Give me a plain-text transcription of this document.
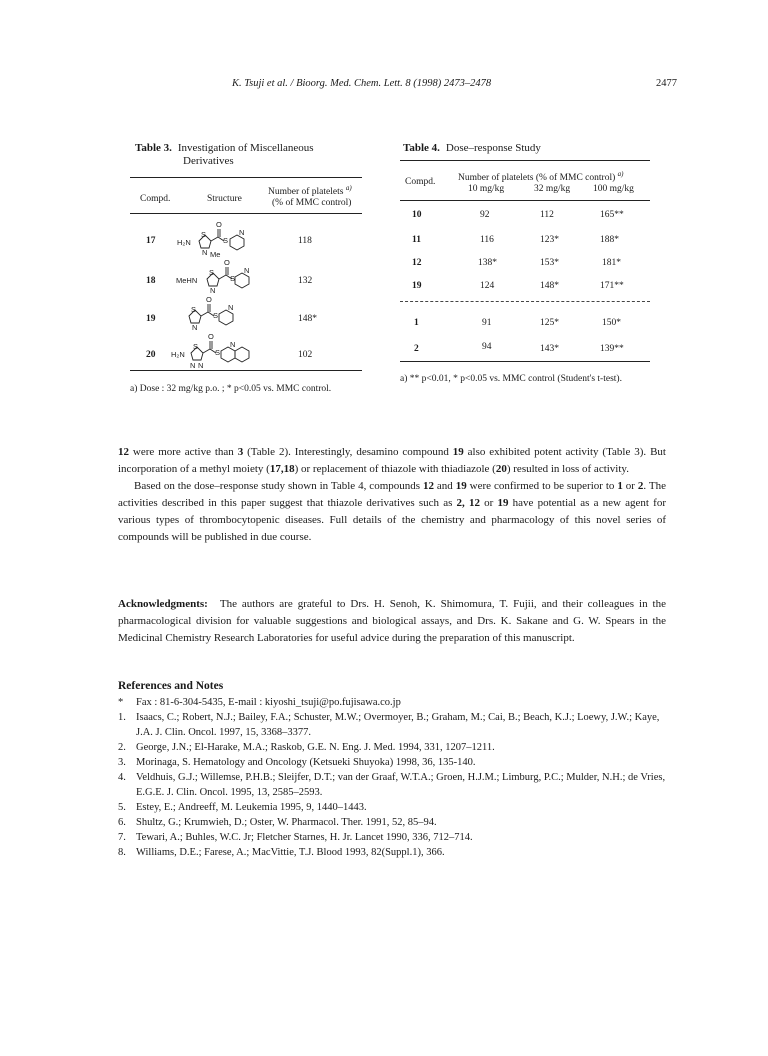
K. Tsuji et al. / Bioorg. Med. Chem. Lett. 8 (1998) 2473–2478	2477
Table 3. Investigation of Miscellaneous
Derivatives
Compd.	Structure
Number of platelets $^{a)}$
(% of MMC control)
17	118
18	132
19	148*
20	102
H₂N
S
N Me
O
S
N
MeHN
S
N
O
S
N
S
N
O
S
N
H₂N
S
N N
O
S
N
a) Dose : 32 mg/kg p.o. ; * p<0.05 vs. MMC control.
Table 4. Dose–response Study
Compd. Number of platelets (% of MMC control) $^{a)}$
10 mg/kg	32 mg/kg 100 mg/kg
10	92	112	165**
11	116	123*	188*
12	138*	153*	181*
19	124	148*	171**
1	91	125*	150*
2	94	143*	139**
a) ** p<0.01, * p<0.05 vs. MMC control (Student's t-test).

12 were more active than 3 (Table 2). Interestingly, desamino compound 19 also exhibited potent activity (Table 3). But incorporation of a methyl moiety (17,18) or replacement of thiazole with thiadiazole (20) resulted in loss of activity.

Based on the dose–response study shown in Table 4, compounds 12 and 19 were confirmed to be superior to 1 or 2. The activities described in this paper suggest that thiazole derivatives such as 2, 12 or 19 have potential as a new agent for various types of thrombocytopenic diseases. Full details of the chemistry and pharmacology of this novel series of compounds will be published in due course.

Acknowledgments: The authors are grateful to Drs. H. Senoh, K. Shimomura, T. Fujii, and their colleagues in the pharmacological division for valuable suggestions and biological assays, and Drs. K. Sakane and G. W. Spears in the Medicinal Chemistry Research Laboratories for useful advice during the preparation of this manuscript.

References and Notes
*	Fax : 81-6-304-5435, E-mail : kiyoshi_tsuji@po.fujisawa.co.jp
1. Isaacs, C.; Robert, N.J.; Bailey, F.A.; Schuster, M.W.; Overmoyer, B.; Graham, M.; Cai, B.; Beach, K.J.; Loewy, J.W.; Kaye, J.A. J. Clin. Oncol. 1997, 15, 3368–3377.
2. George, J.N.; El-Harake, M.A.; Raskob, G.E. N. Eng. J. Med. 1994, 331, 1207–1211.
3. Morinaga, S. Hematology and Oncology (Ketsueki Shuyoka) 1998, 36, 135-140.
4. Veldhuis, G.J.; Willemse, P.H.B.; Sleijfer, D.T.; van der Graaf, W.T.A.; Groen, H.J.M.; Limburg, P.C.; Mulder, N.H.; de Vries, E.G.E. J. Clin. Oncol. 1995, 13, 2585–2593.
5. Estey, E.; Andreeff, M. Leukemia 1995, 9, 1440–1443.
6. Shultz, G.; Krumwieh, D.; Oster, W. Pharmacol. Ther. 1991, 52, 85–94.
7. Tewari, A.; Buhles, W.C. Jr; Fletcher Starnes, H. Jr. Lancet 1990, 336, 712–714.
8. Williams, D.E.; Farese, A.; MacVittie, T.J. Blood 1993, 82(Suppl.1), 366.
